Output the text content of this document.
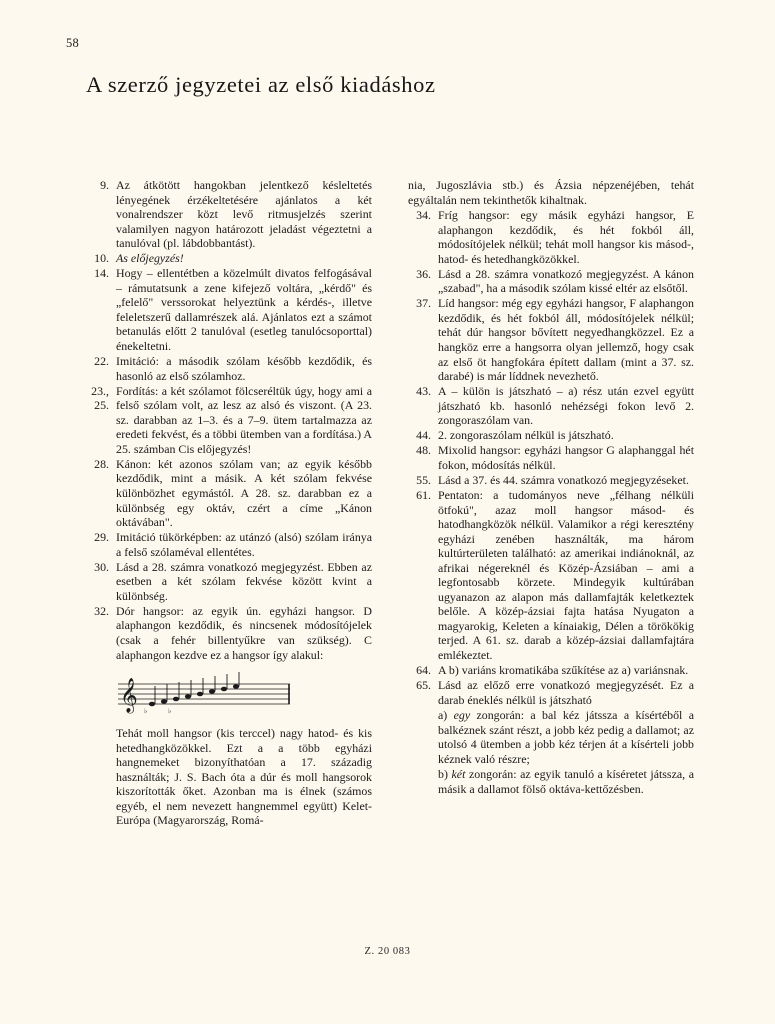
58
A szerző jegyzetei az első kiadáshoz
9. Az átkötött hangokban jelentkező késleltetés lényegének érzékeltetésére ajánlatos a két vonalrendszer közt levő ritmusjelzés szerint valamilyen nagyon határozott jeladást végeztetni a tanulóval (pl. lábdobbantást).
10. As előjegyzés!
14. Hogy – ellentétben a közelmúlt divatos felfogásával – rámutatsunk a zene kifejező voltára, „kérdő" és „felelő" verssorokat helyeztünk a kérdés-, illetve feleletszerű dallamrészek alá. Ajánlatos ezt a számot betanulás előtt 2 tanulóval (esetleg tanulócsoporttal) énekeltetni.
22. Imitáció: a második szólam később kezdődik, és hasonló az első szólamhoz.
23., 25.
Fordítás: a két szólamot fölcseréltük úgy, hogy ami a felső szólam volt, az lesz az alsó és viszont. (A 23. sz. darabban az 1–3. és a 7–9. ütem tartalmazza az eredeti fekvést, és a többi ütemben van a fordítása.) A 25. számban Cis előjegyzés!
28. Kánon: két azonos szólam van; az egyik később kezdődik, mint a másik. A két szólam fekvése különbözhet egymástól. A 28. sz. darabban ez a különbség egy oktáv, czért a címe „Kánon oktávában".
29. Imitáció tükörképben: az utánzó (alsó) szólam iránya a felső szólaméval ellentétes.
30. Lásd a 28. számra vonatkozó megjegyzést. Ebben az esetben a két szólam fekvése között kvint a különbség.
32. Dór hangsor: az egyik ún. egyházi hangsor. D alaphangon kezdődik, és nincsenek módosítójelek (csak a fehér billentyűkre van szükség). C alaphangon kezdve ez a hangsor így alakul:
𝄞 ♭	♭
Tehát moll hangsor (kis terccel) nagy hatod- és kis hetedhangközökkel. Ezt a a több egyházi hangnemeket bizonyíthatóan a 17. századig használták; J. S. Bach óta a dúr és moll hangsorok kiszorították őket. Azonban ma is élnek (számos egyéb, el nem nevezett hangnemmel együtt) Kelet-Európa (Magyarország, Romá-
nia, Jugoszlávia stb.) és Ázsia népzenéjében, tehát egyáltalán nem tekinthetők kihaltnak.
34. Fríg hangsor: egy másik egyházi hangsor, E alaphangon kezdődik, és hét fokból áll, módosítójelek nélkül; tehát moll hangsor kis másod-, hatod- és hetedhangközökkel.
36. Lásd a 28. számra vonatkozó megjegyzést. A kánon „szabad", ha a második szólam kissé eltér az elsőtől.
37. Líd hangsor: még egy egyházi hangsor, F alaphangon kezdődik, és hét fokból áll, módosítójelek nélkül; tehát dúr hangsor bővített negyedhangközzel. Ez a hangköz erre a hangsorra olyan jellemző, hogy csak az első öt hangfokára épített dallam (mint a 37. sz. darabé) is már líddnek nevezhető.
43. A – külön is játszható – a) rész után ezvel együtt játszható kb. hasonló nehézségi fokon levő 2. zongoraszólam van.
44. 2. zongoraszólam nélkül is játszható.
48. Mixolid hangsor: egyházi hangsor G alaphanggal hét fokon, módosítás nélkül.
55. Lásd a 37. és 44. számra vonatkozó megjegyzéseket.
61. Pentaton: a tudományos neve „félhang nélküli ötfokú", azaz moll hangsor másod- és hatodhangközök nélkül. Valamikor a régi keresztény egyházi zenében használták, ma három kultúrterületen található: az amerikai indiánoknál, az afrikai négereknél és Közép-Ázsiában – ami a legfontosabb körzete. Mindegyik kultúrában ugyanazon az alapon más dallamfajták keletkeztek belőle. A közép-ázsiai fajta hatása Nyugaton a magyarokig, Keleten a kínaiakig, Délen a törökökig terjed. A 61. sz. darab a közép-ázsiai dallamfajtára emlékeztet.
64. A b) variáns kromatikába szűkítése az a) variánsnak.
65. Lásd az előző erre vonatkozó megjegyzését. Ez a darab éneklés nélkül is játszható
a) egy zongorán: a bal kéz játssza a kísértéből a balkéznek szánt részt, a jobb kéz pedig a dallamot; az utolsó 4 ütemben a jobb kéz térjen át a kísérteli jobb kéznek való részre;
b) két zongorán: az egyik tanuló a kíséretet játssza, a másik a dallamot fölső oktáva-kettőzésben.
Z. 20 083
